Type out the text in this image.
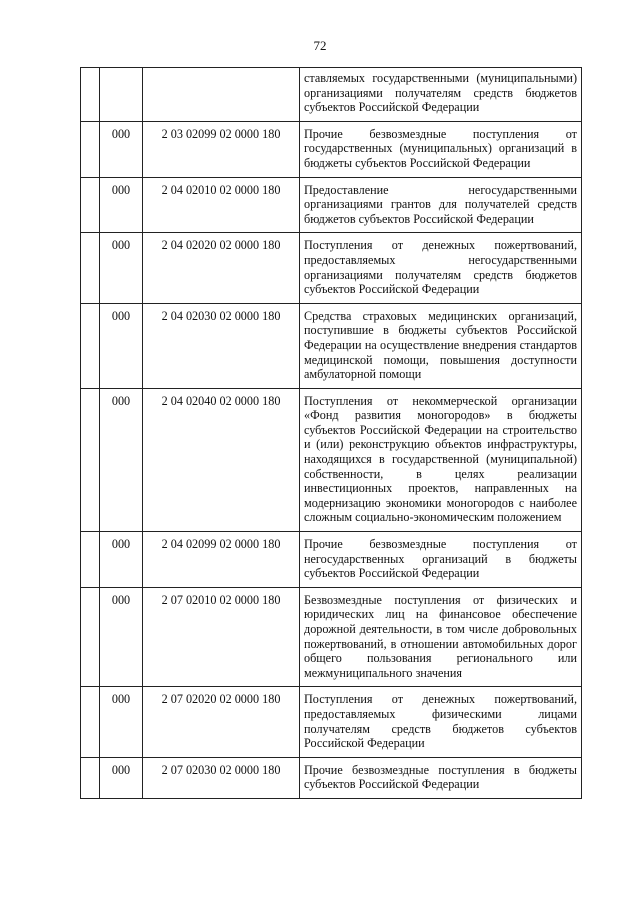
72
			ставляемых государственными (муниципальными) организациями получателям средств бюджетов субъектов Российской Федерации
	000	2 03 02099 02 0000 180	Прочие безвозмездные поступления от государственных (муниципальных) организаций в бюджеты субъектов Российской Федерации
	000	2 04 02010 02 0000 180	Предоставление негосударственными организациями грантов для получателей средств бюджетов субъектов Российской Федерации
	000	2 04 02020 02 0000 180	Поступления от денежных пожертвований, предоставляемых негосударственными организациями получателям средств бюджетов субъектов Российской Федерации
	000	2 04 02030 02 0000 180	Средства страховых медицинских организаций, поступившие в бюджеты субъектов Российской Федерации на осуществление внедрения стандартов медицинской помощи, повышения доступности амбулаторной помощи
	000	2 04 02040 02 0000 180	Поступления от некоммерческой организации «Фонд развития моногородов» в бюджеты субъектов Российской Федерации на строительство и (или) реконструкцию объектов инфраструктуры, находящихся в государственной (муниципальной) собственности, в целях реализации инвестиционных проектов, направленных на модернизацию экономики моногородов с наиболее сложным социально-экономическим положением
	000	2 04 02099 02 0000 180	Прочие безвозмездные поступления от негосударственных организаций в бюджеты субъектов Российской Федерации
	000	2 07 02010 02 0000 180	Безвозмездные поступления от физических и юридических лиц на финансовое обеспечение дорожной деятельности, в том числе добровольных пожертвований, в отношении автомобильных дорог общего пользования регионального или межмуниципального значения
	000	2 07 02020 02 0000 180	Поступления от денежных пожертвований, предоставляемых физическими лицами получателям средств бюджетов субъектов Российской Федерации
	000	2 07 02030 02 0000 180	Прочие безвозмездные поступления в бюджеты субъектов Российской Федерации
